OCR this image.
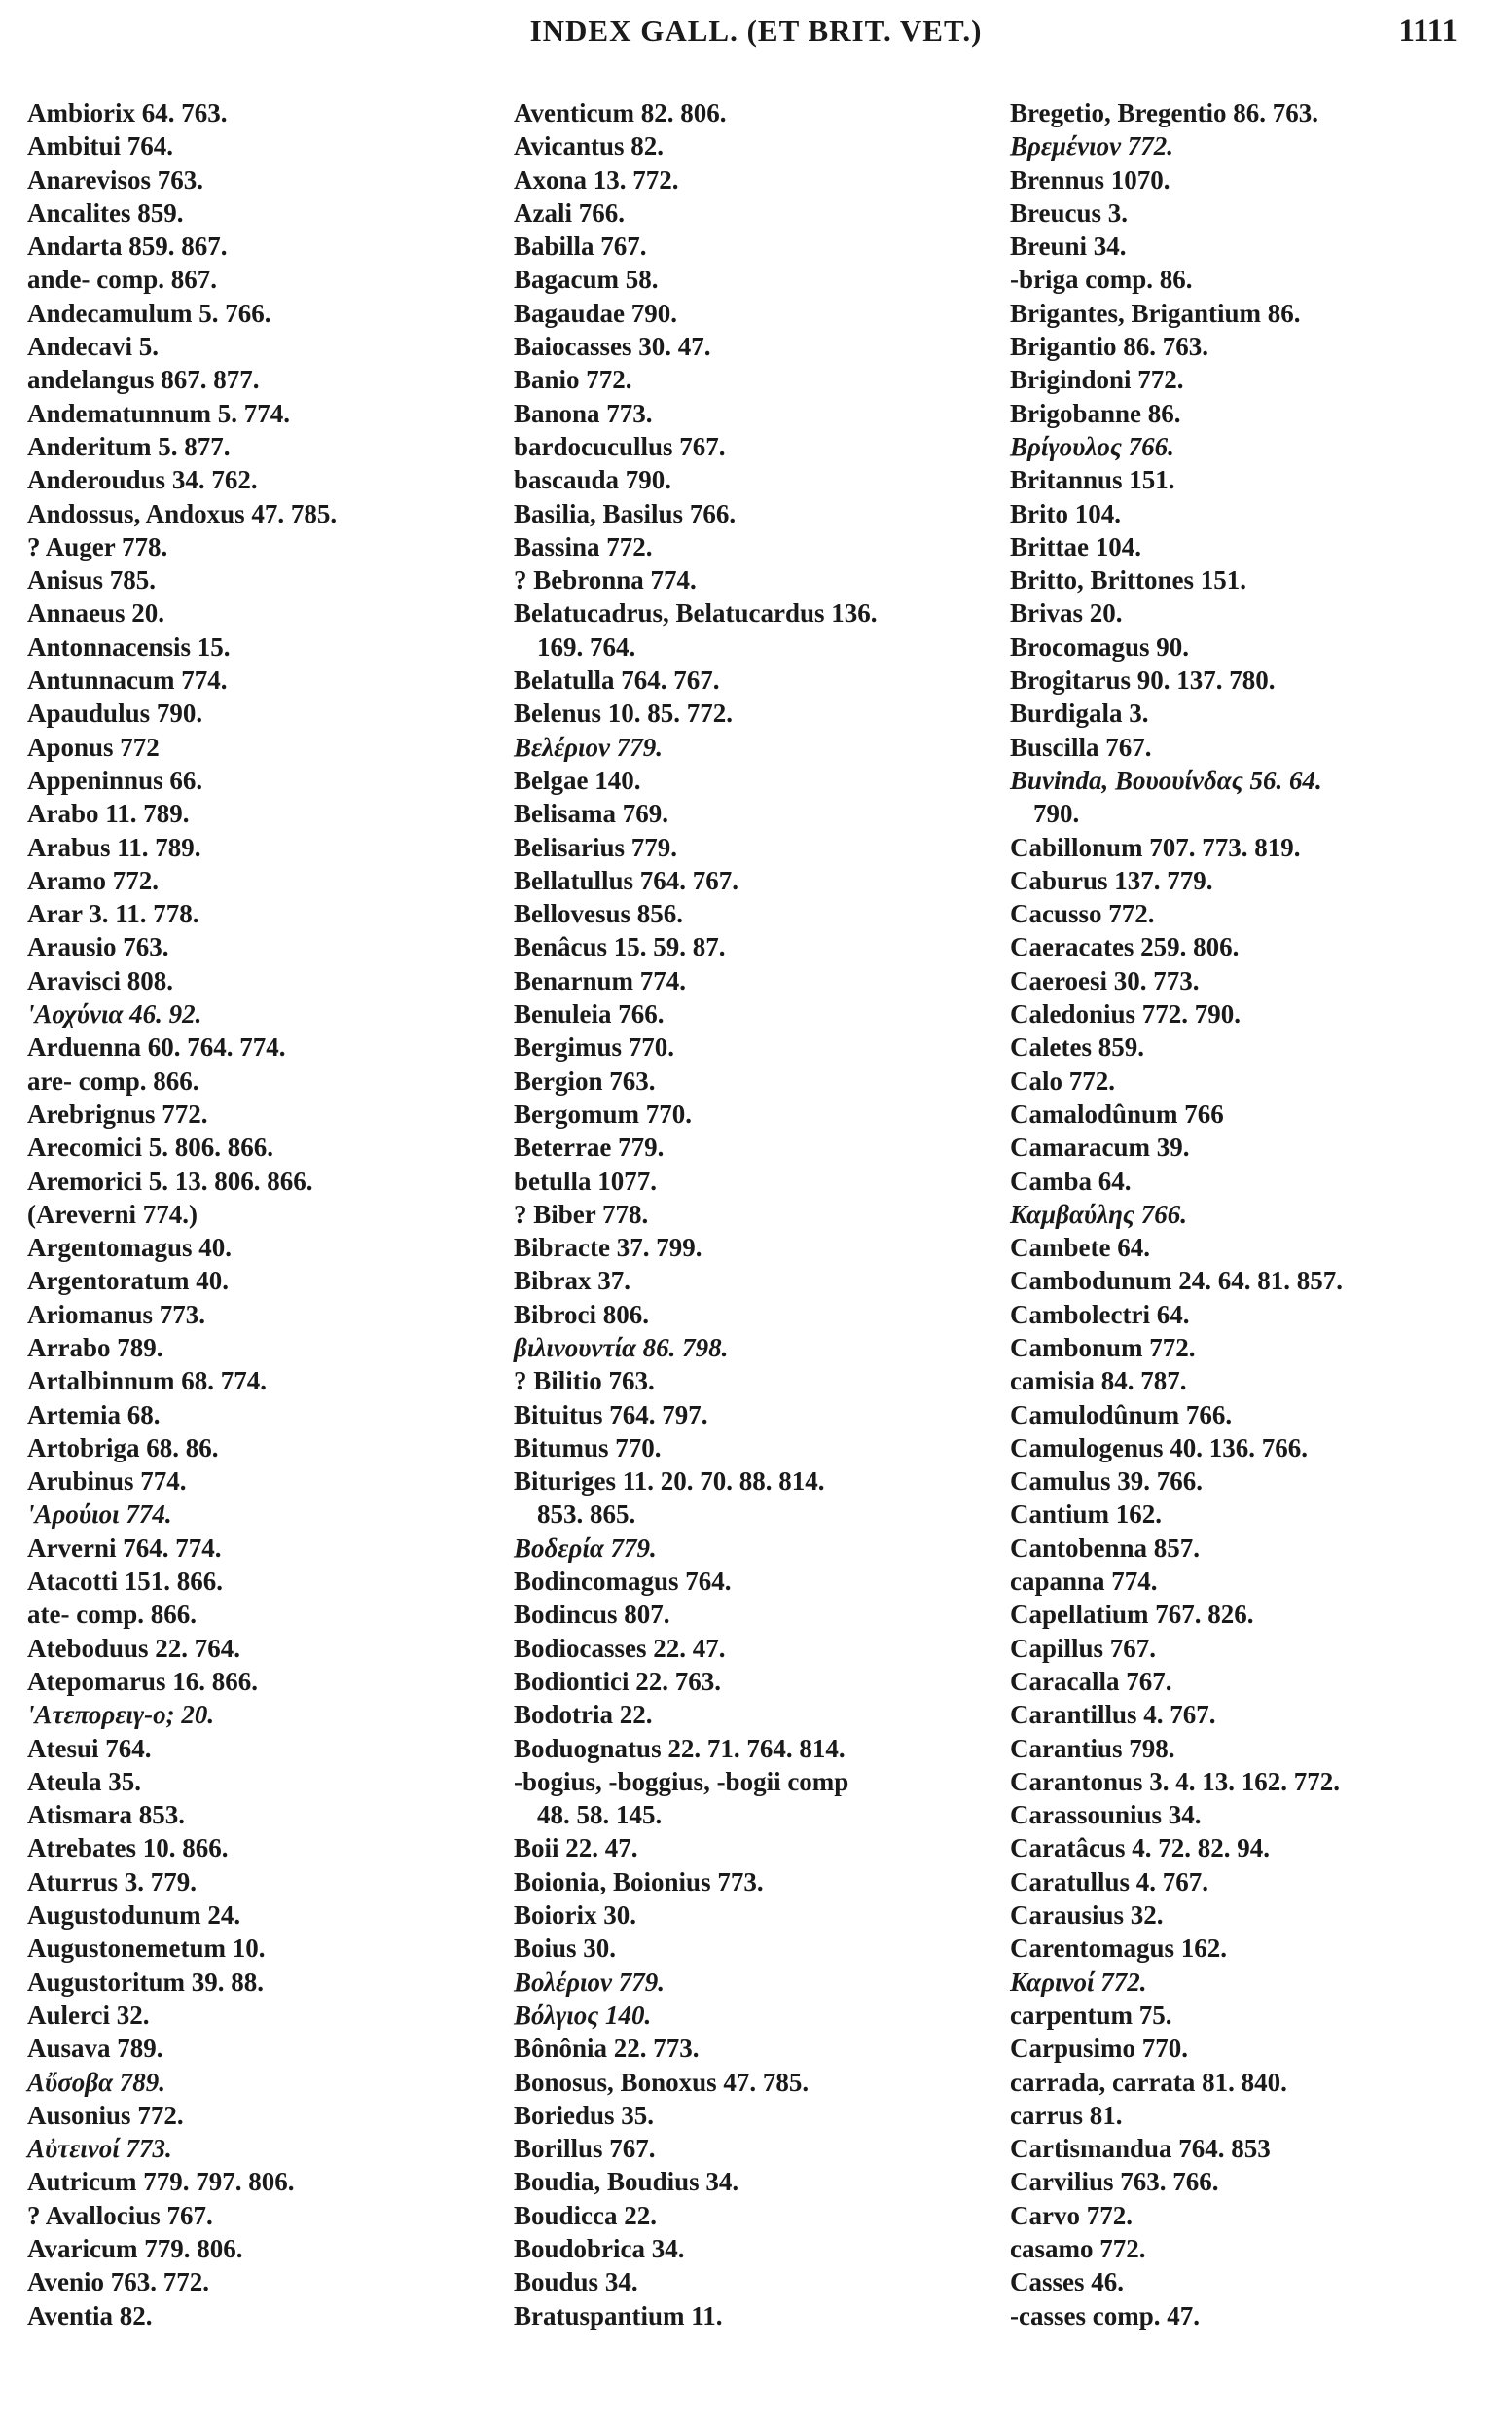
INDEX GALL. (ET BRIT. VET.)	1111
Ambiorix 64. 763.
Ambitui 764.
Anarevisos 763.
Ancalites 859.
Andarta 859. 867.
ande- comp. 867.
Andecamulum 5. 766.
Andecavi 5.
andelangus 867. 877.
Andematunnum 5. 774.
Anderitum 5. 877.
Anderoudus 34. 762.
Andossus, Andoxus 47. 785.
? Auger 778.
Anisus 785.
Annaeus 20.
Antonnacensis 15.
Antunnacum 774.
Apaudulus 790.
Aponus 772
Appeninnus 66.
Arabo 11. 789.
Arabus 11. 789.
Aramo 772.
Arar 3. 11. 778.
Arausio 763.
Aravisci 808.
'Αοχύνια 46. 92.
Arduenna 60. 764. 774.
are- comp. 866.
Arebrignus 772.
Arecomici 5. 806. 866.
Aremorici 5. 13. 806. 866.
(Areverni 774.)
Argentomagus 40.
Argentoratum 40.
Ariomanus 773.
Arrabo 789.
Artalbinnum 68. 774.
Artemia 68.
Artobriga 68. 86.
Arubinus 774.
'Αρούιοι 774.
Arverni 764. 774.
Atacotti 151. 866.
ate- comp. 866.
Ateboduus 22. 764.
Atepomarus 16. 866.
'Ατεπορειγ-ο; 20.
Atesui 764.
Ateula 35.
Atismara 853.
Atrebates 10. 866.
Aturrus 3. 779.
Augustodunum 24.
Augustonemetum 10.
Augustoritum 39. 88.
Aulerci 32.
Ausava 789.
Αὔσοβα 789.
Ausonius 772.
Αὐτεινοί 773.
Autricum 779. 797. 806.
? Avallocius 767.
Avaricum 779. 806.
Avenio 763. 772.
Aventia 82.
Aventicum 82. 806.
Avicantus 82.
Axona 13. 772.
Azali 766.
Babilla 767.
Bagacum 58.
Bagaudae 790.
Baiocasses 30. 47.
Banio 772.
Banona 773.
bardocucullus 767.
bascauda 790.
Basilia, Basilus 766.
Bassina 772.
? Bebronna 774.
Belatucadrus, Belatucardus 136.
169. 764.
Belatulla 764. 767.
Belenus 10. 85. 772.
Βελέριον 779.
Belgae 140.
Belisama 769.
Belisarius 779.
Bellatullus 764. 767.
Bellovesus 856.
Benâcus 15. 59. 87.
Benarnum 774.
Benuleia 766.
Bergimus 770.
Bergion 763.
Bergomum 770.
Beterrae 779.
betulla 1077.
? Biber 778.
Bibracte 37. 799.
Bibrax 37.
Bibroci 806.
βιλινουντία 86. 798.
? Bilitio 763.
Bituitus 764. 797.
Bitumus 770.
Bituriges 11. 20. 70. 88. 814.
853. 865.
Βοδερία 779.
Bodincomagus 764.
Bodincus 807.
Bodiocasses 22. 47.
Bodiontici 22. 763.
Bodotria 22.
Boduognatus 22. 71. 764. 814.
-bogius, -boggius, -bogii comp
48. 58. 145.
Boii 22. 47.
Boionia, Boionius 773.
Boiorix 30.
Boius 30.
Βολέριον 779.
Βόλγιος 140.
Bônônia 22. 773.
Bonosus, Bonoxus 47. 785.
Boriedus 35.
Borillus 767.
Boudia, Boudius 34.
Boudicca 22.
Boudobrica 34.
Boudus 34.
Bratuspantium 11.
Bregetio, Bregentio 86. 763.
Βρεμένιον 772.
Brennus 1070.
Breucus 3.
Breuni 34.
-briga comp. 86.
Brigantes, Brigantium 86.
Brigantio 86. 763.
Brigindoni 772.
Brigobanne 86.
Βρίγουλος 766.
Britannus 151.
Brito 104.
Brittae 104.
Britto, Brittones 151.
Brivas 20.
Brocomagus 90.
Brogitarus 90. 137. 780.
Burdigala 3.
Buscilla 767.
Buvinda, Βουουίνδας 56. 64.
790.
Cabillonum 707. 773. 819.
Caburus 137. 779.
Cacusso 772.
Caeracates 259. 806.
Caeroesi 30. 773.
Caledonius 772. 790.
Caletes 859.
Calo 772.
Camalodûnum 766
Camaracum 39.
Camba 64.
Καμβαύλης 766.
Cambete 64.
Cambodunum 24. 64. 81. 857.
Cambolectri 64.
Cambonum 772.
camisia 84. 787.
Camulodûnum 766.
Camulogenus 40. 136. 766.
Camulus 39. 766.
Cantium 162.
Cantobenna 857.
capanna 774.
Capellatium 767. 826.
Capillus 767.
Caracalla 767.
Carantillus 4. 767.
Carantius 798.
Carantonus 3. 4. 13. 162. 772.
Carassounius 34.
Caratâcus 4. 72. 82. 94.
Caratullus 4. 767.
Carausius 32.
Carentomagus 162.
Καρινοί 772.
carpentum 75.
Carpusimo 770.
carrada, carrata 81. 840.
carrus 81.
Cartismandua 764. 853
Carvilius 763. 766.
Carvo 772.
casamo 772.
Casses 46.
-casses comp. 47.
